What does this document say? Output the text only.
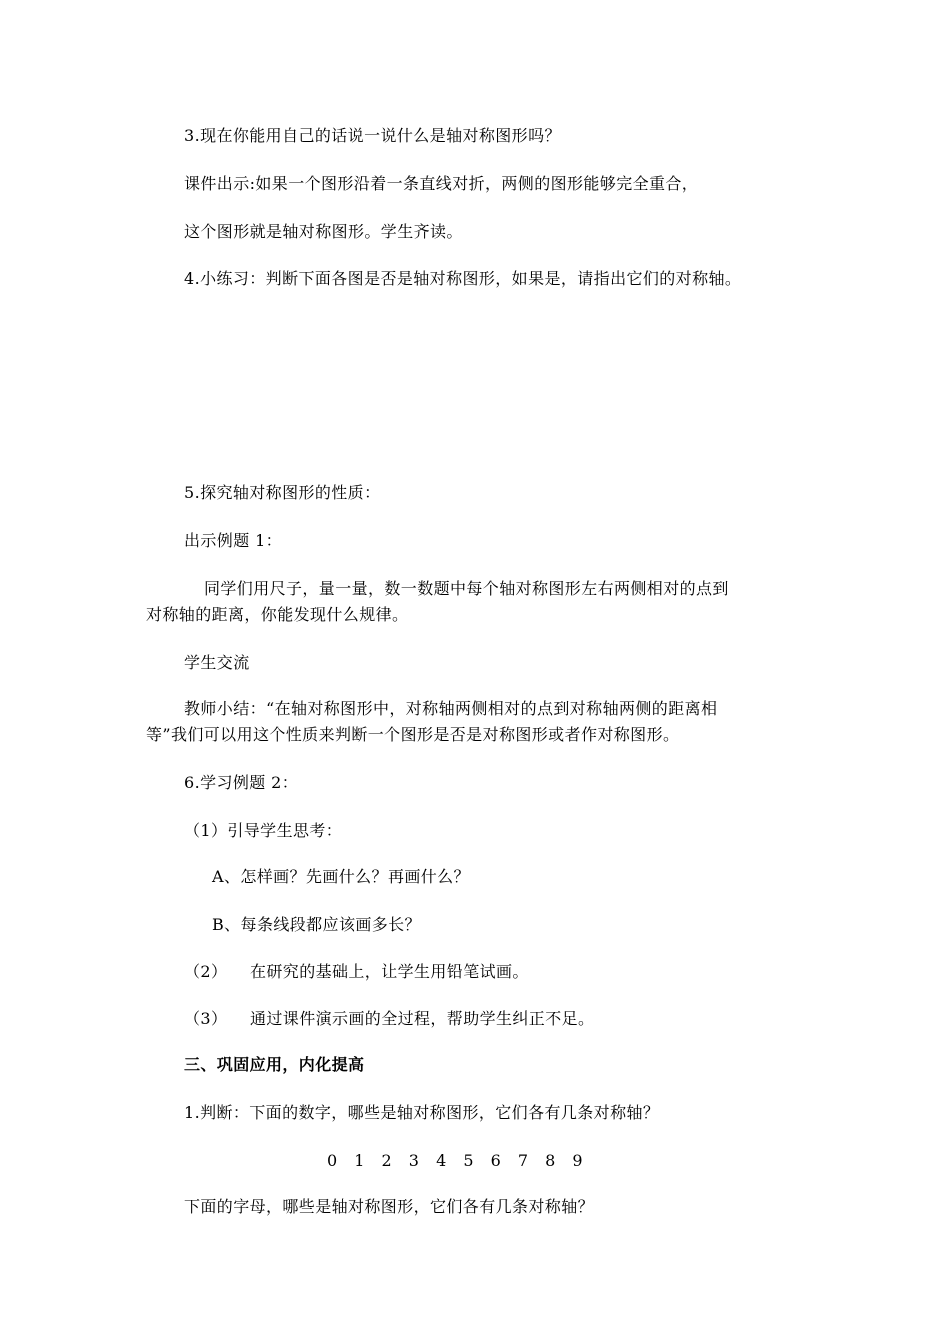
3.现在你能用自己的话说一说什么是轴对称图形吗？
课件出示:如果一个图形沿着一条直线对折，两侧的图形能够完全重合，
这个图形就是轴对称图形。学生齐读。
4.小练习：判断下面各图是否是轴对称图形，如果是，请指出它们的对称轴。
5.探究轴对称图形的性质：
出示例题 1：
同学们用尺子，量一量，数一数题中每个轴对称图形左右两侧相对的点到
对称轴的距离，你能发现什么规律。
学生交流
教师小结：“在轴对称图形中，对称轴两侧相对的点到对称轴两侧的距离相
等”我们可以用这个性质来判断一个图形是否是对称图形或者作对称图形。
6.学习例题 2：
（1）引导学生思考：
A、怎样画？先画什么？再画什么？
B、每条线段都应该画多长？
（2） 在研究的基础上，让学生用铅笔试画。
（3） 通过课件演示画的全过程，帮助学生纠正不足。
三、巩固应用，内化提高
1.判断：下面的数字，哪些是轴对称图形，它们各有几条对称轴？
0 1 2 3 4 5 6 7 8 9
下面的字母，哪些是轴对称图形，它们各有几条对称轴？
